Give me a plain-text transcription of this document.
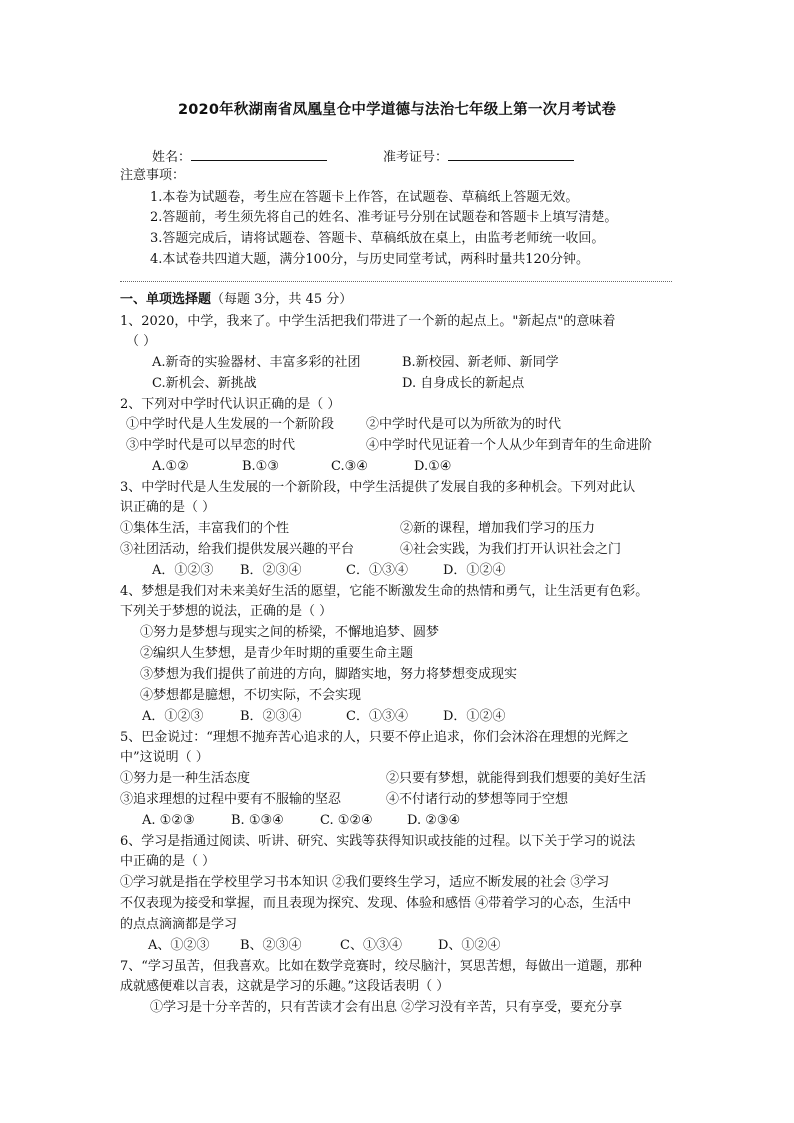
2020年秋湖南省凤凰皇仓中学道德与法治七年级上第一次月考试卷
姓名：	准考证号：
注意事项：
1.本卷为试题卷，考生应在答题卡上作答，在试题卷、草稿纸上答题无效。
2.答题前，考生须先将自己的姓名、准考证号分别在试题卷和答题卡上填写清楚。
3.答题完成后，请将试题卷、答题卡、草稿纸放在桌上，由监考老师统一收回。
4.本试卷共四道大题，满分100分，与历史同堂考试，两科时量共120分钟。
一、单项选择题（每题 3分，共 45 分）
1、2020，中学，我来了。中学生活把我们带进了一个新的起点上。"新起点"的意味着
（ ）
A.新奇的实验器材、丰富多彩的社团	B.新校园、新老师、新同学
C.新机会、新挑战	D. 自身成长的新起点
2、下列对中学时代认识正确的是（ ）
①中学时代是人生发展的一个新阶段 ②中学时代是可以为所欲为的时代
③中学时代是可以早恋的时代	④中学时代见证着一个人从少年到青年的生命进阶
A.①②	B.①③	C.③④	D.①④
3、中学时代是人生发展的一个新阶段，中学生活提供了发展自我的多种机会。下列对此认
识正确的是（ ）
①集体生活，丰富我们的个性	②新的课程，增加我们学习的压力
③社团活动，给我们提供发展兴趣的平台	④社会实践，为我们打开认识社会之门
A．①②③ B．②③④	C．①③④	D．①②④
4、梦想是我们对未来美好生活的愿望，它能不断激发生命的热情和勇气，让生活更有色彩。
下列关于梦想的说法，正确的是（ ）
①努力是梦想与现实之间的桥梁，不懈地追梦、圆梦
②编织人生梦想，是青少年时期的重要生命主题
③梦想为我们提供了前进的方向，脚踏实地，努力将梦想变成现实
④梦想都是臆想，不切实际，不会实现
A．①②③	B．②③④	C．①③④	D．①②④
5、巴金说过：“理想不抛弃苦心追求的人，只要不停止追求，你们会沐浴在理想的光辉之
中”这说明（ ）
①努力是一种生活态度	②只要有梦想，就能得到我们想要的美好生活
③追求理想的过程中要有不服输的坚忍	④不付诸行动的梦想等同于空想
A. ①②③	B. ①③④	C. ①②④	D. ②③④
6、学习是指通过阅读、听讲、研究、实践等获得知识或技能的过程。以下关于学习的说法
中正确的是（ ）
①学习就是指在学校里学习书本知识 ②我们要终生学习，适应不断发展的社会 ③学习
不仅表现为接受和掌握，而且表现为探究、发现、体验和感悟 ④带着学习的心态，生活中
的点点滴滴都是学习
A、①②③ B、②③④	C、①③④	D、①②④
7、“学习虽苦，但我喜欢。比如在数学竞赛时，绞尽脑汁，冥思苦想，每做出一道题，那种
成就感便难以言表，这就是学习的乐趣。”这段话表明（ ）
①学习是十分辛苦的，只有苦读才会有出息 ②学习没有辛苦，只有享受，要充分享
